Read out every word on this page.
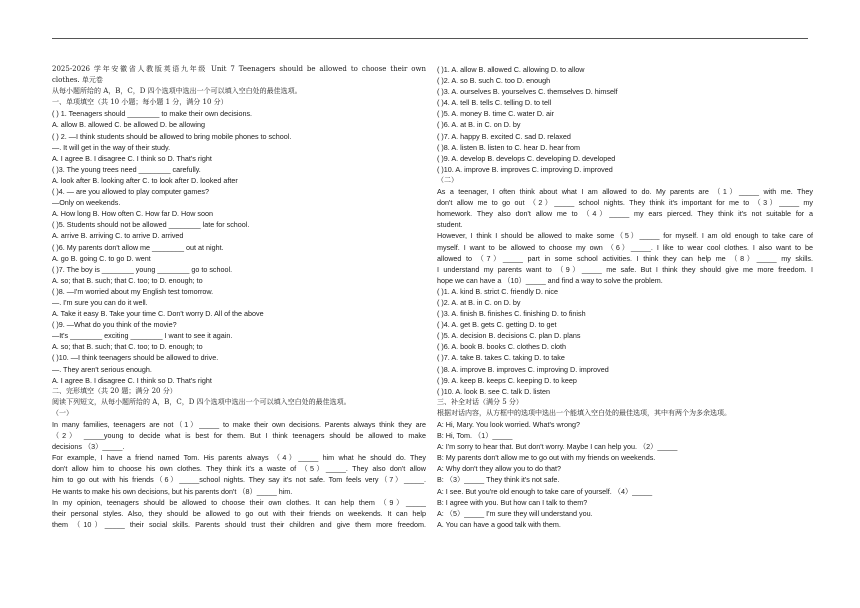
2025-2026 学年安徽省人教版英语九年级 Unit 7 Teenagers should be allowed to choose their own
clothes. 单元卷
从每小题所给的 A，B，C，D 四个选项中选出一个可以填入空白处的最佳选项。
一、单项填空（共 10 小题；每小题 1 分，满分 10 分）
( ) 1. Teenagers should ________ to make their own decisions.
A. allow B. allowed C. be allowed D. be allowing
( ) 2. —I think students should be allowed to bring mobile phones to school.
—. It will get in the way of their study.
A. I agree B. I disagree C. I think so D. That's right
( )3. The young trees need ________ carefully.
A. look after B. looking after C. to look after D. looked after
( )4. — are you allowed to play computer games?
—Only on weekends.
A. How long B. How often C. How far D. How soon
( )5. Students should not be allowed ________ late for school.
A. arrive B. arriving C. to arrive D. arrived
( )6. My parents don't allow me ________ out at night.
A. go B. going C. to go D. went
( )7. The boy is ________ young ________ go to school.
A. so; that B. such; that C. too; to D. enough; to
( )8. —I'm worried about my English test tomorrow.
—. I'm sure you can do it well.
A. Take it easy B. Take your time C. Don't worry D. All of the above
( )9. —What do you think of the movie?
—It's ________ exciting ________ I want to see it again.
A. so; that B. such; that C. too; to D. enough; to
( )10. —I think teenagers should be allowed to drive.
—. They aren't serious enough.
A. I agree B. I disagree C. I think so D. That's right
二、完形填空（共 20 题；满分 20 分）
阅读下列短文，从每小题所给的 A，B，C，D 四个选项中选出一个可以填入空白处的最佳选项。
（一）
In many families, teenagers are not（1）_____ to make their own decisions. Parents always think they are
（2） _____young to decide what is best for them. But I think teenagers should be allowed to make
decisions （3）_____.
For example, I have a friend named Tom. His parents always （4）_____ him what he should do. They
don't allow him to choose his own clothes. They think it's a waste of （5）_____. They also don't allow
him to go out with his friends（6）_____school nights. They say it's not safe. Tom feels very（7）_____.
He wants to make his own decisions, but his parents don't （8）_____ him.
In my opinion, teenagers should be allowed to choose their own clothes. It can help them （9）_____
their personal styles. Also, they should be allowed to go out with their friends on weekends. It can help
them （10）_____ their social skills. Parents should trust their children and give them more freedom.
( )1. A. allow B. allowed C. allowing D. to allow
( )2. A. so B. such C. too D. enough
( )3. A. ourselves B. yourselves C. themselves D. himself
( )4. A. tell B. tells C. telling D. to tell
( )5. A. money B. time C. water D. air
( )6. A. at B. in C. on D. by
( )7. A. happy B. excited C. sad D. relaxed
( )8. A. listen B. listen to C. hear D. hear from
( )9. A. develop B. develops C. developing D. developed
( )10. A. improve B. improves C. improving D. improved
（二）
As a teenager, I often think about what I am allowed to do. My parents are （1）_____ with me. They
don't allow me to go out （2）_____ school nights. They think it's important for me to （3）_____ my
homework. They also don't allow me to （4）_____ my ears pierced. They think it's not suitable for a
student.
However, I think I should be allowed to make some（5）_____ for myself. I am old enough to take care of
myself. I want to be allowed to choose my own （6）_____. I like to wear cool clothes. I also want to be
allowed to （7）_____ part in some school activities. I think they can help me （8）_____ my skills.
I understand my parents want to （9）_____ me safe. But I think they should give me more freedom. I
hope we can have a （10）_____ and find a way to solve the problem.
( )1. A. kind B. strict C. friendly D. nice
( )2. A. at B. in C. on D. by
( )3. A. finish B. finishes C. finishing D. to finish
( )4. A. get B. gets C. getting D. to get
( )5. A. decision B. decisions C. plan D. plans
( )6. A. book B. books C. clothes D. cloth
( )7. A. take B. takes C. taking D. to take
( )8. A. improve B. improves C. improving D. improved
( )9. A. keep B. keeps C. keeping D. to keep
( )10. A. look B. see C. talk D. listen
三、补全对话（满分 5 分）
根据对话内容，从方框中的选项中选出一个能填入空白处的最佳选项，其中有两个为多余选项。
A: Hi, Mary. You look worried. What's wrong?
B: Hi, Tom. （1）_____
A: I'm sorry to hear that. But don't worry. Maybe I can help you. （2）_____
B: My parents don't allow me to go out with my friends on weekends.
A: Why don't they allow you to do that?
B: （3）_____ They think it's not safe.
A: I see. But you're old enough to take care of yourself. （4）_____
B: I agree with you. But how can I talk to them?
A: （5）_____ I'm sure they will understand you.
A. You can have a good talk with them.
